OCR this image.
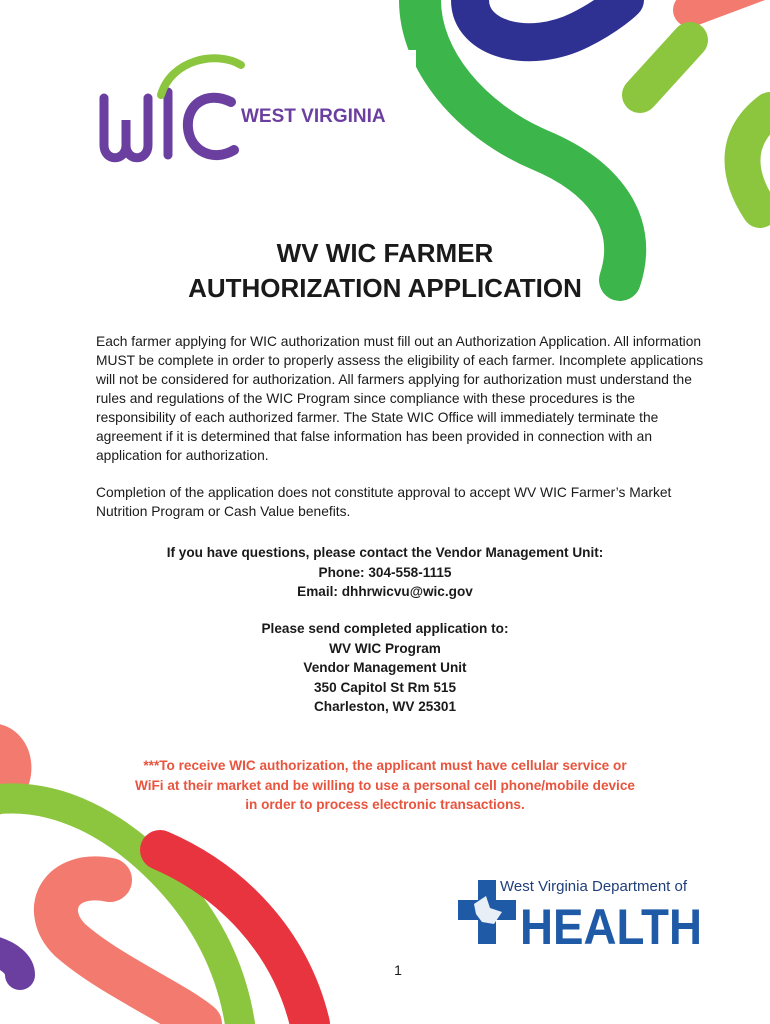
WEST VIRGINIA
WV WIC FARMER
AUTHORIZATION APPLICATION

Each farmer applying for WIC authorization must fill out an Authorization Application. All information MUST be complete in order to properly assess the eligibility of each farmer. Incomplete applications will not be considered for authorization. All farmers applying for authorization must understand the rules and regulations of the WIC Program since compliance with these procedures is the responsibility of each authorized farmer. The State WIC Office will immediately terminate the agreement if it is determined that false information has been provided in connection with an application for authorization.

Completion of the application does not constitute approval to accept WV WIC Farmer’s Market Nutrition Program or Cash Value benefits.

If you have questions, please contact the Vendor Management Unit:
Phone: 304-558-1115
Email: dhhrwicvu@wic.gov
Please send completed application to:
WV WIC Program
Vendor Management Unit
350 Capitol St Rm 515
Charleston, WV 25301
***To receive WIC authorization, the applicant must have cellular service or
WiFi at their market and be willing to use a personal cell phone/mobile device
in order to process electronic transactions.
West Virginia Department of
HEALTH
1
